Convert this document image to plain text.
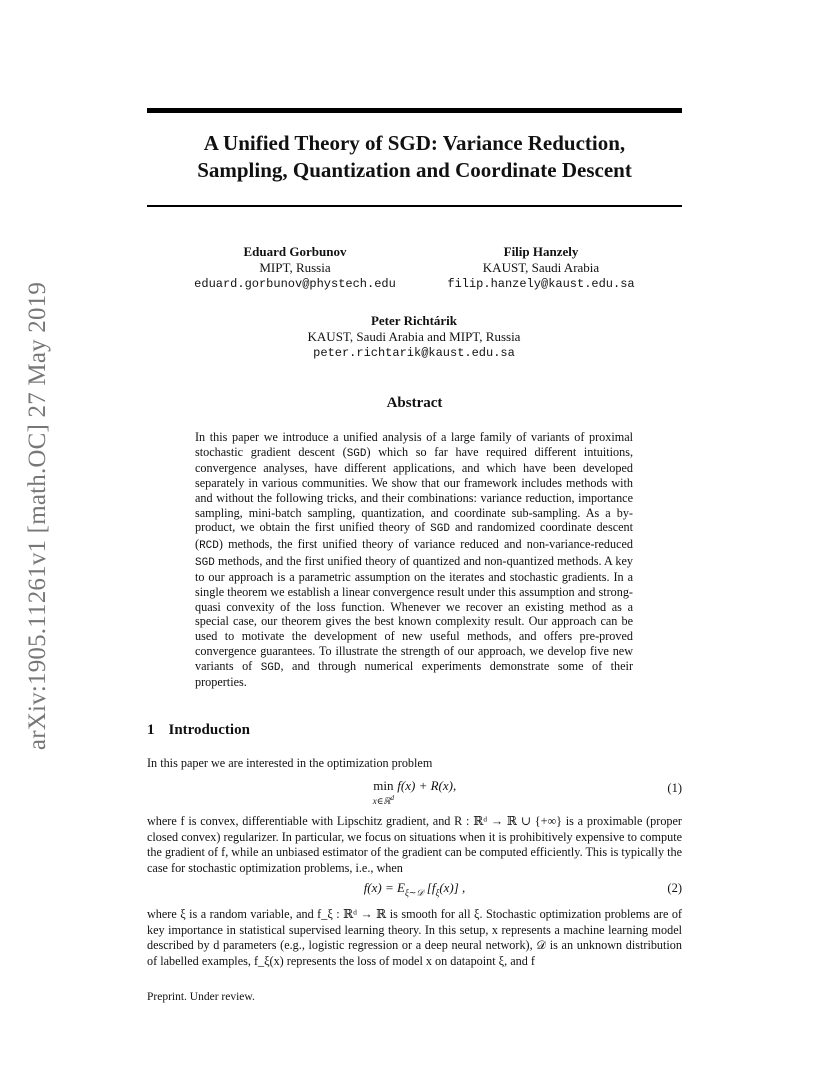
A Unified Theory of SGD: Variance Reduction,
Sampling, Quantization and Coordinate Descent
arXiv:1905.11261v1 [math.OC] 27 May 2019
Eduard Gorbunov
MIPT, Russia
eduard.gorbunov@phystech.edu
Filip Hanzely
KAUST, Saudi Arabia
filip.hanzely@kaust.edu.sa
Peter Richtárik
KAUST, Saudi Arabia and MIPT, Russia
peter.richtarik@kaust.edu.sa
Abstract

In this paper we introduce a unified analysis of a large family of variants of proximal stochastic gradient descent (SGD) which so far have required different intuitions, convergence analyses, have different applications, and which have been developed separately in various communities. We show that our framework includes methods with and without the following tricks, and their combinations: variance reduction, importance sampling, mini-batch sampling, quantization, and coordinate sub-sampling. As a by-product, we obtain the first unified theory of SGD and randomized coordinate descent (RCD) methods, the first unified theory of variance reduced and non-variance-reduced SGD methods, and the first unified theory of quantized and non-quantized methods. A key to our approach is a parametric assumption on the iterates and stochastic gradients. In a single theorem we establish a linear convergence result under this assumption and strong-quasi convexity of the loss function. Whenever we recover an existing method as a special case, our theorem gives the best known complexity result. Our approach can be used to motivate the development of new useful methods, and offers pre-proved convergence guarantees. To illustrate the strength of our approach, we develop five new variants of SGD, and through numerical experiments demonstrate some of their properties.

1 Introduction

In this paper we are interested in the optimization problem

min
x∈ℝ$^d$
f(x) + R(x),	(1)

where f is convex, differentiable with Lipschitz gradient, and R : ℝᵈ → ℝ ∪ {+∞} is a proximable (proper closed convex) regularizer. In particular, we focus on situations when it is prohibitively expensive to compute the gradient of f, while an unbiased estimator of the gradient can be computed efficiently. This is typically the case for stochastic optimization problems, i.e., when

$f(x) = E_{\xi\sim 𝒟}$ $[f_\xi(x)]$ ,	(2)

where ξ is a random variable, and f_ξ : ℝᵈ → ℝ is smooth for all ξ. Stochastic optimization problems are of key importance in statistical supervised learning theory. In this setup, x represents a machine learning model described by d parameters (e.g., logistic regression or a deep neural network), 𝒟 is an unknown distribution of labelled examples, f_ξ(x) represents the loss of model x on datapoint ξ, and f

Preprint. Under review.
